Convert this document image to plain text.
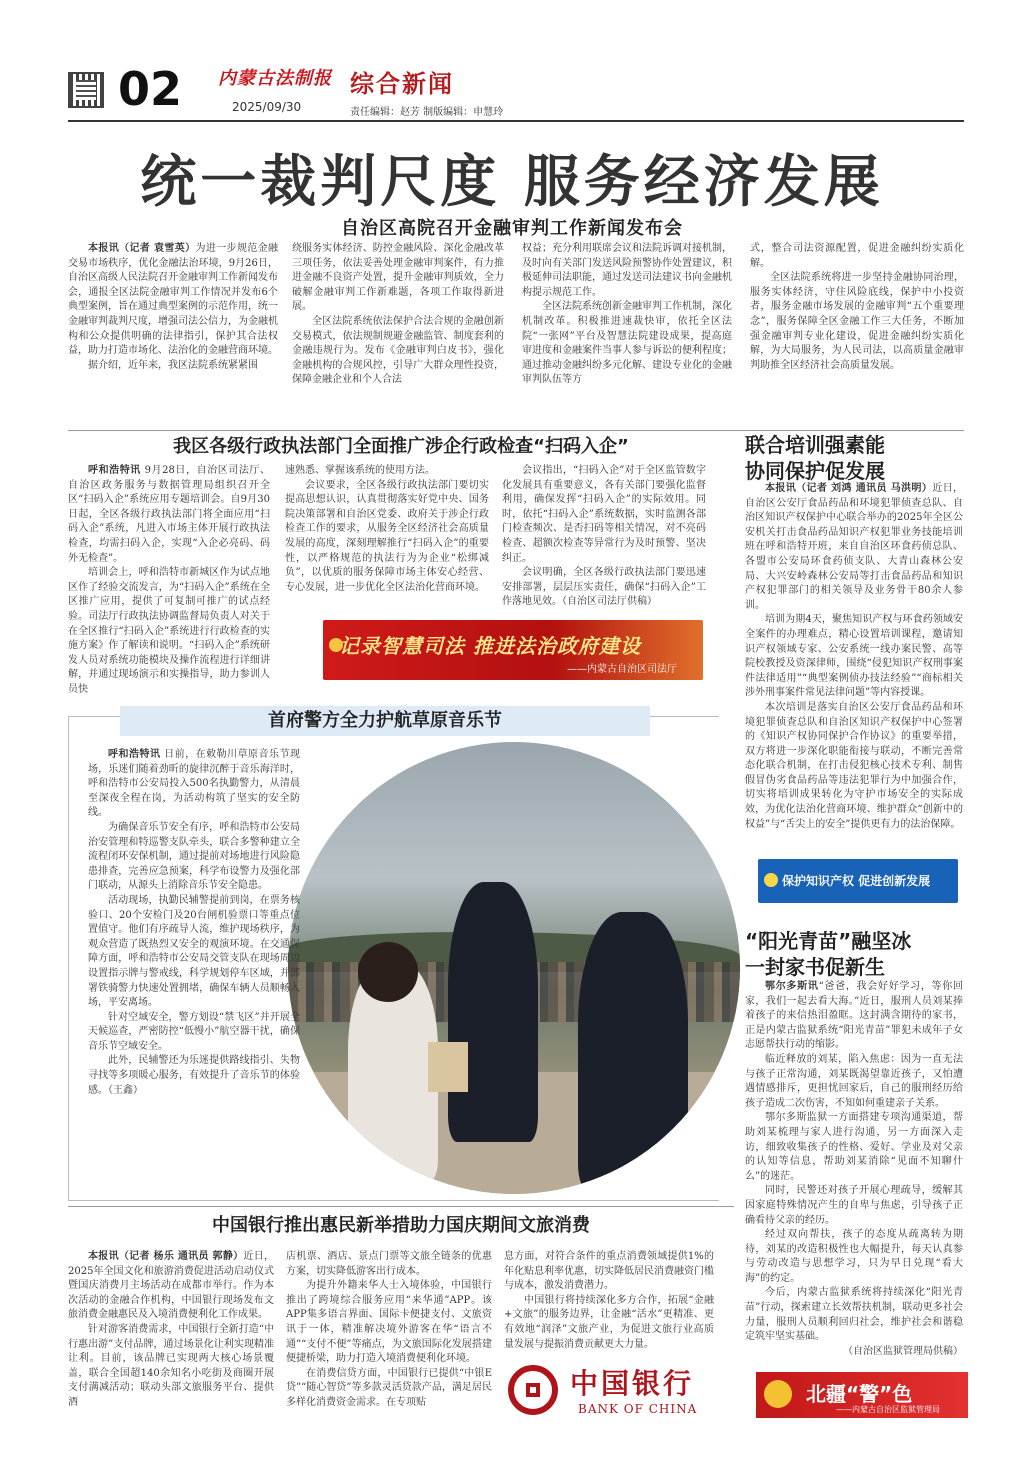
02 内蒙古法制报
2025/09/30
综合新闻
责任编辑：赵芳 制版编辑：申慧玲
统一裁判尺度 服务经济发展
自治区高院召开金融审判工作新闻发布会

本报讯（记者 袁雪英）为进一步规范金融交易市场秩序，优化金融法治环境，9月26日，自治区高级人民法院召开金融审判工作新闻发布会，通报全区法院金融审判工作情况并发布6个典型案例，旨在通过典型案例的示范作用，统一金融审判裁判尺度，增强司法公信力，为金融机构和公众提供明确的法律指引，保护其合法权益，助力打造市场化、法治化的金融营商环境。

据介绍，近年来，我区法院系统紧紧围

绕服务实体经济、防控金融风险、深化金融改革三项任务，依法妥善处理金融审判案件，有力推进金融不良资产处置，提升金融审判质效，全力破解金融审判工作新难题，各项工作取得新进展。

全区法院系统依法保护合法合规的金融创新交易模式，依法规制规避金融监管、制度套利的金融违规行为。发布《金融审判白皮书》，强化金融机构的合规风控，引导广大群众理性投资，保障金融企业和个人合法

权益；充分利用联席会议和法院诉调对接机制，及时向有关部门发送风险预警协作处置建议，积极延伸司法职能，通过发送司法建议书向金融机构提示规范工作。

全区法院系统创新金融审判工作机制，深化机制改革。积极推进速裁快审，依托全区法院“一张网”平台及智慧法院建设成果，提高庭审进度和金融案件当事人参与诉讼的便利程度；通过推动金融纠纷多元化解、建设专业化的金融审判队伍等方

式，整合司法资源配置，促进金融纠纷实质化解。

全区法院系统将进一步坚持金融协同治理，服务实体经济，守住风险底线，保护中小投资者，服务金融市场发展的金融审判“五个重要理念”，服务保障全区金融工作三大任务，不断加强金融审判专业化建设，促进金融纠纷实质化解，为大局服务，为人民司法，以高质量金融审判助推全区经济社会高质量发展。

我区各级行政执法部门全面推广涉企行政检查“扫码入企”

呼和浩特讯 9月28日，自治区司法厅、自治区政务服务与数据管理局组织召开全区“扫码入企”系统应用专题培训会。自9月30日起，全区各级行政执法部门将全面应用“扫码入企”系统，凡进入市场主体开展行政执法检查，均需扫码入企，实现“入企必亮码、码外无检查”。

培训会上，呼和浩特市新城区作为试点地区作了经验交流发言，为“扫码入企”系统在全区推广应用，提供了可复制可推广的试点经验。司法厅行政执法协调监督局负责人对关于在全区推行“扫码入企”系统进行行政检查的实施方案》作了解读和说明。“扫码入企”系统研发人员对系统功能模块及操作流程进行详细讲解，并通过现场演示和实操指导，助力参训人员快

速熟悉、掌握该系统的使用方法。

会议要求，全区各级行政执法部门要切实提高思想认识，认真贯彻落实好党中央、国务院决策部署和自治区党委、政府关于涉企行政检查工作的要求，从服务全区经济社会高质量发展的高度，深刻理解推行“扫码入企”的重要性，以严格规范的执法行为为企业“松绑减负”，以优质的服务保障市场主体安心经营、专心发展，进一步优化全区法治化营商环境。

会议指出，“扫码入企”对于全区监管数字化发展具有重要意义，各有关部门要强化监督利用，确保发挥“扫码入企”的实际效用。同时，依托“扫码入企”系统数据，实时监测各部门检查频次、是否扫码等相关情况，对不亮码检查、超额次检查等异常行为及时预警、坚决纠正。

会议明确，全区各级行政执法部门要迅速安排部署，层层压实责任，确保“扫码入企”工作落地见效。（自治区司法厅供稿）

记录智慧司法 推进法治政府建设
——内蒙古自治区司法厅
首府警方全力护航草原音乐节

呼和浩特讯 日前，在敕勒川草原音乐节现场，乐迷们随着劲昕的旋律沉醉于音乐海洋时，呼和浩特市公安局投入500名执勤警力，从清晨至深夜全程在岗，为活动构筑了坚实的安全防线。

为确保音乐节安全有序，呼和浩特市公安局治安管理和特巡警支队牵头，联合多警种建立全流程闭环安保机制，通过提前对场地进行风险隐患排查，完善应急预案，科学布设警力及强化部门联动，从源头上消除音乐节安全隐患。

活动现场，执勤民辅警提前到岗，在票务核验口、20个安检门及20台闸机验票口等重点位置值守。他们有序疏导人流，维护现场秩序，为观众营造了既热烈又安全的观演环境。在交通保障方面，呼和浩特市公安局交管支队在现场周边设置指示牌与警戒线，科学规划停车区域，并部署铁骑警力快速处置拥堵，确保车辆人员顺畅入场，平安离场。

针对空域安全，警方划设“禁飞区”并开展全天候巡查，严密防控“低慢小”航空器干扰，确保音乐节空域安全。

此外，民辅警还为乐迷提供路线指引、失物寻找等多项暖心服务，有效提升了音乐节的体验感。（王鑫）

联合培训强素能
协同保护促发展

本报讯（记者 刘鸿 通讯员 马洪明）近日，自治区公安厅食品药品和环境犯罪侦查总队、自治区知识产权保护中心联合举办的2025年全区公安机关打击食品药品知识产权犯罪业务技能培训班在呼和浩特开班，来自自治区环食药侦总队、各盟市公安局环食药侦支队、大青山森林公安局、大兴安岭森林公安局等打击食品药品和知识产权犯罪部门的相关领导及业务骨干80余人参训。

培训为期4天，聚焦知识产权与环食药领域安全案件的办理难点，精心设置培训课程，邀请知识产权领域专家、公安系统一线办案民警、高等院校教授及资深律师，围绕“侵犯知识产权刑事案件法律适用”“典型案例侦办技法经验”“商标相关涉外刑事案件常见法律问题”等内容授课。

本次培训是落实自治区公安厅食品药品和环境犯罪侦查总队和自治区知识产权保护中心签署的《知识产权协同保护合作协议》的重要举措，双方将进一步深化职能衔接与联动，不断完善常态化联合机制，在打击侵犯核心技术专利、制售假冒伪劣食品药品等违法犯罪行为中加强合作，切实将培训成果转化为守护市场安全的实际成效，为优化法治化营商环境、维护群众“创新中的权益”与“舌尖上的安全”提供更有力的法治保障。

保护知识产权 促进创新发展
“阳光青苗”融坚冰
一封家书促新生

鄂尔多斯讯“爸爸，我会好好学习，等你回家，我们一起去看大海。”近日，服刑人员刘某捧着孩子的来信热泪盈眶。这封满含期待的家书，正是内蒙古监狱系统“阳光青苗”罪犯未成年子女志愿帮扶行动的缩影。

临近释放的刘某，陷入焦虑：因为一直无法与孩子正常沟通，刘某既渴望靠近孩子，又怕遭遇情感排斥，更担忧回家后，自己的服刑经历给孩子造成二次伤害，不知如何重建亲子关系。

鄂尔多斯监狱一方面搭建专项沟通渠道，帮助刘某梳理与家人进行沟通，另一方面深入走访，细致收集孩子的性格、爱好、学业及对父亲的认知等信息，帮助刘某消除“见面不知聊什么”的迷茫。

同时，民警还对孩子开展心理疏导，缓解其因家庭特殊情况产生的自卑与焦虑，引导孩子正确看待父亲的经历。

经过双向帮扶，孩子的态度从疏离转为期待，刘某的改造积极性也大幅提升，每天认真参与劳动改造与思想学习，只为早日兑现“看大海”的约定。

今后，内蒙古监狱系统将持续深化“阳光青苗”行动，探索建立长效帮扶机制，联动更多社会力量，服刑人员顺利回归社会，维护社会和谐稳定筑牢坚实基础。

（自治区监狱管理局供稿）

中国银行推出惠民新举措助力国庆期间文旅消费

本报讯（记者 杨乐 通讯员 郭静）近日，2025年全国文化和旅游消费促进活动启动仪式暨国庆消费月主场活动在成都市举行。作为本次活动的金融合作机构，中国银行现场发布文旅消费金融惠民及入境消费便利化工作成果。

针对游客消费需求，中国银行全新打造“中行惠出游”支付品牌，通过场景化让利实现精准让利。目前，该品牌已实现两大核心场景覆盖，联合全国超140余知名小吃街及商圈开展支付满减活动；联动头部文旅服务平台、提供酒

店机票、酒店、景点门票等文旅全链条的优惠方案，切实降低游客出行成本。

为提升外籍来华人士入境体验，中国银行推出了跨境综合服务应用“来华通”APP。该APP集多语言界面、国际卡便捷支付、文旅资讯于一体，精准解决境外游客在华“语言不通”“支付不便”等痛点，为文旅国际化发展搭建便捷桥梁，助力打造入境消费便利化环境。

在消费信贷方面，中国银行已提供“中银E贷”“随心智贷”等多款灵活贷款产品，满足居民多样化消费资金需求。在专项贴

息方面，对符合条件的重点消费领域提供1%的年化贴息利率优惠，切实降低居民消费融资门槛与成本，激发消费潜力。

中国银行将持续深化多方合作，拓展“金融+文旅”的服务边界，让金融“活水”更精准、更有效地“润泽”文旅产业，为促进文旅行业高质量发展与提振消费贡献更大力量。

中国银行
BANK OF CHINA
北疆“警”色
——内蒙古自治区监狱管理局
